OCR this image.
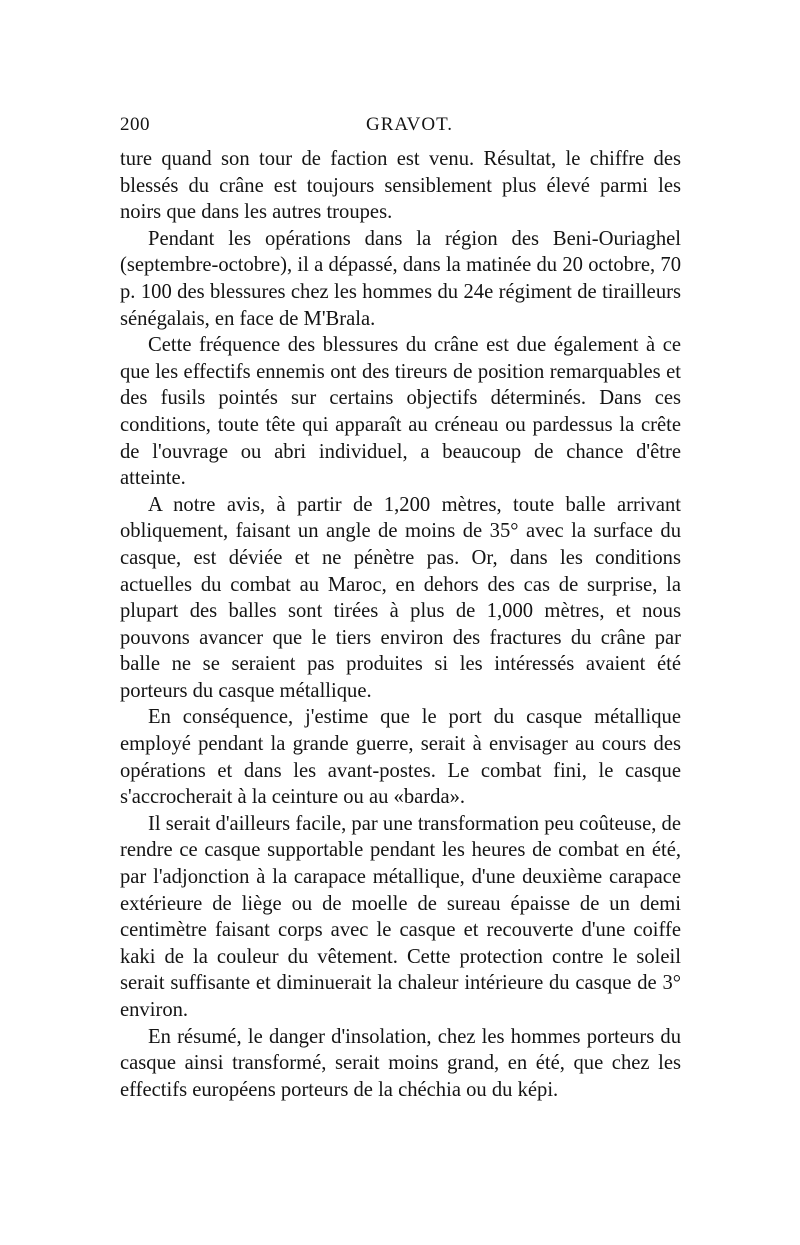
200	GRAVOT.

ture quand son tour de faction est venu. Résultat, le chiffre des blessés du crâne est toujours sensiblement plus élevé parmi les noirs que dans les autres troupes.

Pendant les opérations dans la région des Beni-Ouriaghel (septembre-octobre), il a dépassé, dans la matinée du 20 octobre, 70 p. 100 des blessures chez les hommes du 24e régiment de tirailleurs sénégalais, en face de M'Brala.

Cette fréquence des blessures du crâne est due également à ce que les effectifs ennemis ont des tireurs de position remarquables et des fusils pointés sur certains objectifs déterminés. Dans ces conditions, toute tête qui apparaît au créneau ou pardessus la crête de l'ouvrage ou abri individuel, a beaucoup de chance d'être atteinte.

A notre avis, à partir de 1,200 mètres, toute balle arrivant obliquement, faisant un angle de moins de 35° avec la surface du casque, est déviée et ne pénètre pas. Or, dans les conditions actuelles du combat au Maroc, en dehors des cas de surprise, la plupart des balles sont tirées à plus de 1,000 mètres, et nous pouvons avancer que le tiers environ des fractures du crâne par balle ne se seraient pas produites si les intéressés avaient été porteurs du casque métallique.

En conséquence, j'estime que le port du casque métallique employé pendant la grande guerre, serait à envisager au cours des opérations et dans les avant-postes. Le combat fini, le casque s'accrocherait à la ceinture ou au «barda».

Il serait d'ailleurs facile, par une transformation peu coûteuse, de rendre ce casque supportable pendant les heures de combat en été, par l'adjonction à la carapace métallique, d'une deuxième carapace extérieure de liège ou de moelle de sureau épaisse de un demi centimètre faisant corps avec le casque et recouverte d'une coiffe kaki de la couleur du vêtement. Cette protection contre le soleil serait suffisante et diminuerait la chaleur intérieure du casque de 3° environ.

En résumé, le danger d'insolation, chez les hommes porteurs du casque ainsi transformé, serait moins grand, en été, que chez les effectifs européens porteurs de la chéchia ou du képi.
